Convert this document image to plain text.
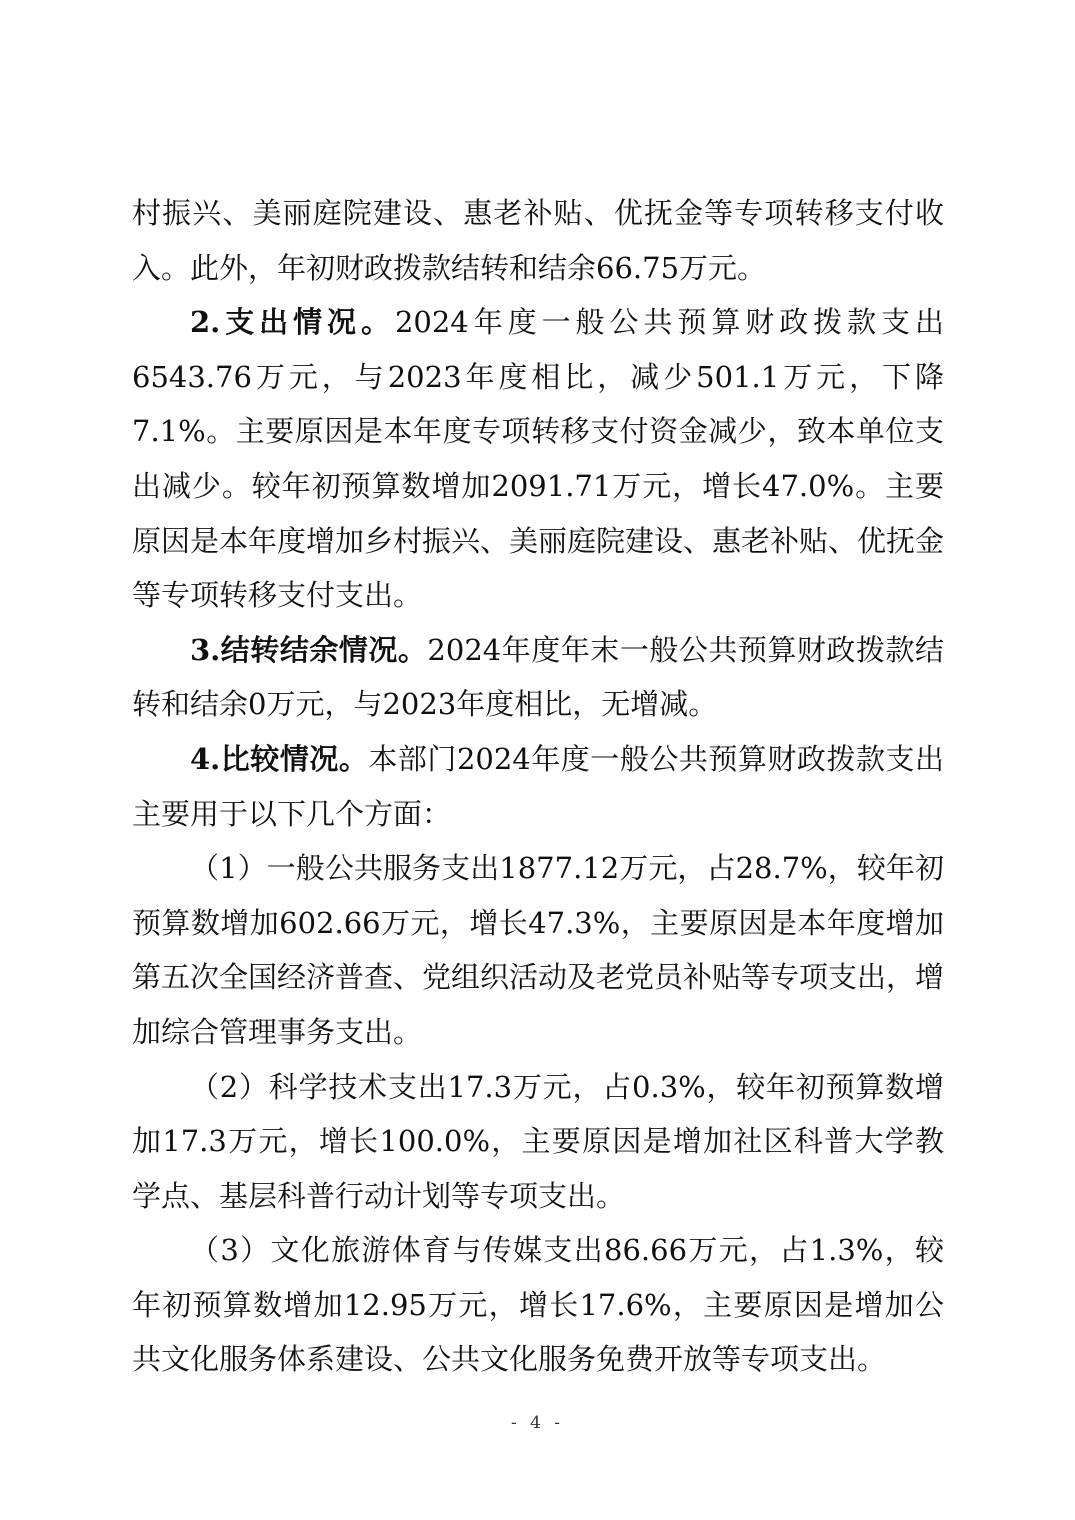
村振兴、美丽庭院建设、惠老补贴、优抚金等专项转移支付收入。此外，年初财政拨款结转和结余66.75万元。

2.支出情况。2024年度一般公共预算财政拨款支出6543.76万元，与2023年度相比，减少501.1万元，下降7.1%。主要原因是本年度专项转移支付资金减少，致本单位支出减少。较年初预算数增加2091.71万元，增长47.0%。主要原因是本年度增加乡村振兴、美丽庭院建设、惠老补贴、优抚金等专项转移支付支出。

3.结转结余情况。2024年度年末一般公共预算财政拨款结转和结余0万元，与2023年度相比，无增减。

4.比较情况。本部门2024年度一般公共预算财政拨款支出主要用于以下几个方面：

（1）一般公共服务支出1877.12万元，占28.7%，较年初预算数增加602.66万元，增长47.3%，主要原因是本年度增加第五次全国经济普查、党组织活动及老党员补贴等专项支出，增加综合管理事务支出。

（2）科学技术支出17.3万元，占0.3%，较年初预算数增加17.3万元，增长100.0%，主要原因是增加社区科普大学教学点、基层科普行动计划等专项支出。

（3）文化旅游体育与传媒支出86.66万元，占1.3%，较年初预算数增加12.95万元，增长17.6%，主要原因是增加公共文化服务体系建设、公共文化服务免费开放等专项支出。

- 4 -
